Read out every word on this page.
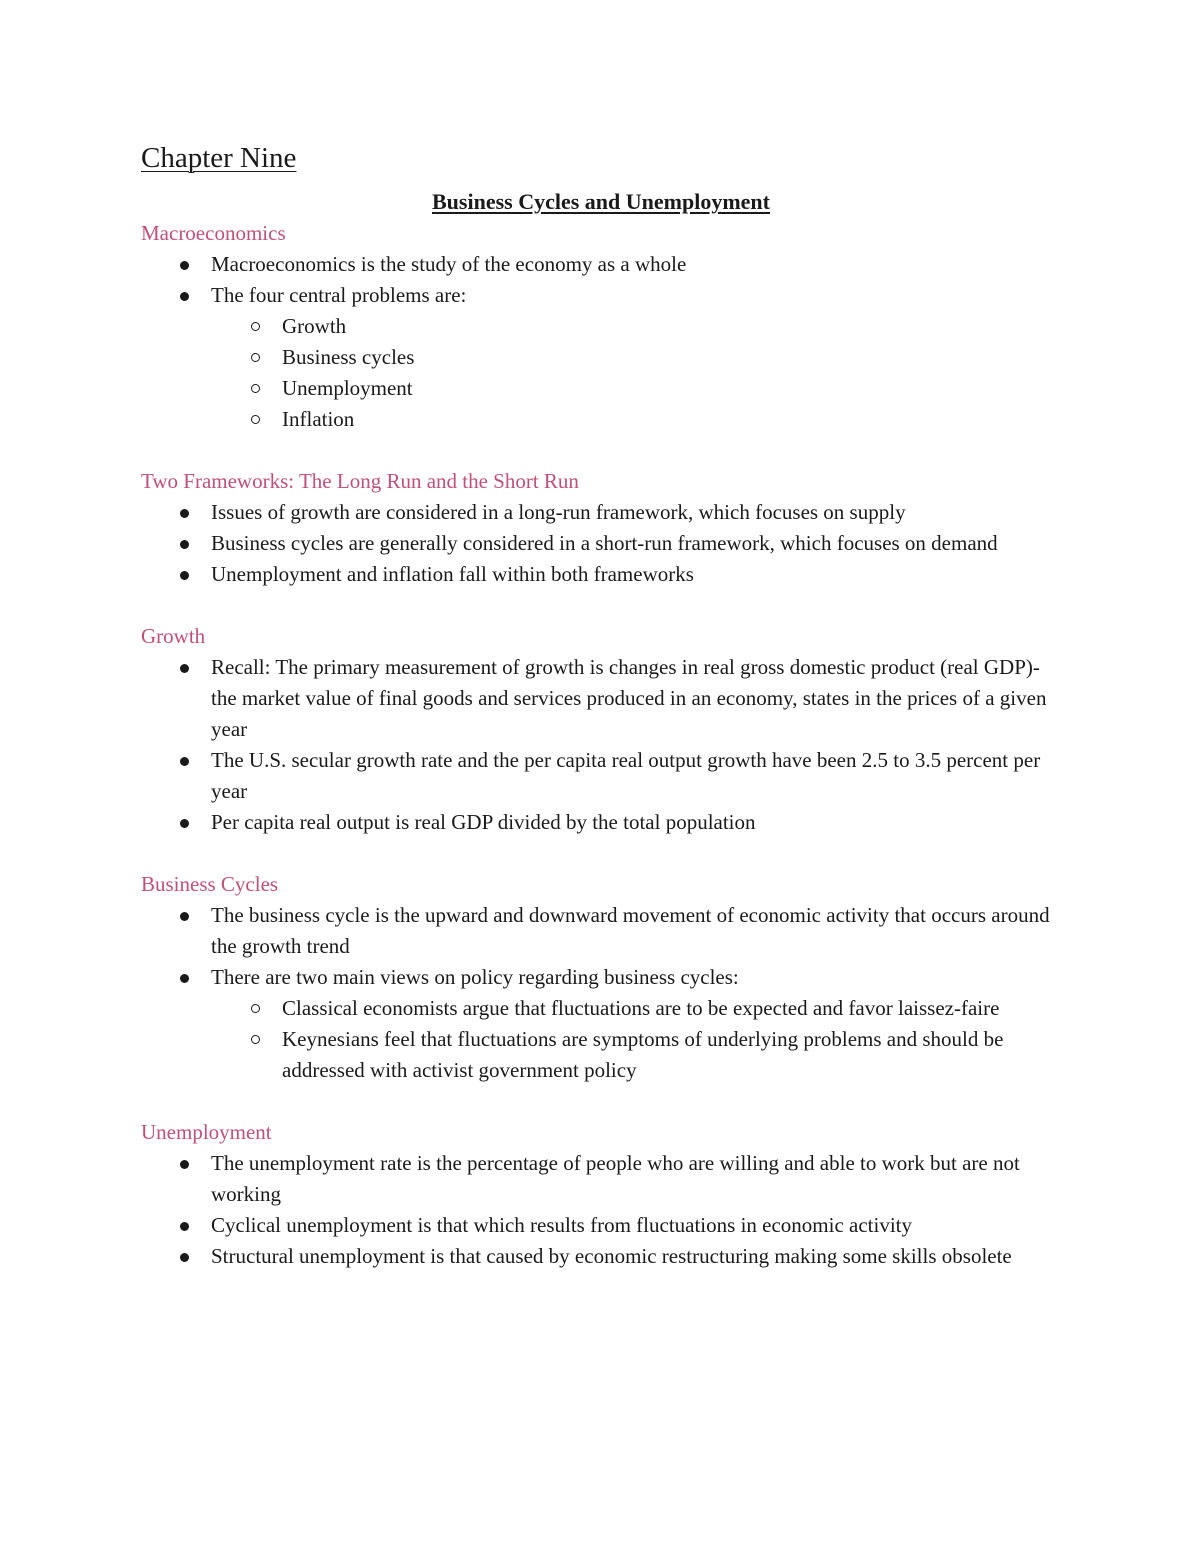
Chapter Nine
Business Cycles and Unemployment
Macroeconomics
Macroeconomics is the study of the economy as a whole
The four central problems are:
Growth
Business cycles
Unemployment
Inflation
Two Frameworks: The Long Run and the Short Run
Issues of growth are considered in a long-run framework, which focuses on supply
Business cycles are generally considered in a short-run framework, which focuses on demand
Unemployment and inflation fall within both frameworks
Growth
Recall: The primary measurement of growth is changes in real gross domestic product (real GDP)- the market value of final goods and services produced in an economy, states in the prices of a given year
The U.S. secular growth rate and the per capita real output growth have been 2.5 to 3.5 percent per year
Per capita real output is real GDP divided by the total population
Business Cycles
The business cycle is the upward and downward movement of economic activity that occurs around the growth trend
There are two main views on policy regarding business cycles:
Classical economists argue that fluctuations are to be expected and favor laissez-faire
Keynesians feel that fluctuations are symptoms of underlying problems and should be addressed with activist government policy
Unemployment
The unemployment rate is the percentage of people who are willing and able to work but are not working
Cyclical unemployment is that which results from fluctuations in economic activity
Structural unemployment is that caused by economic restructuring making some skills obsolete
